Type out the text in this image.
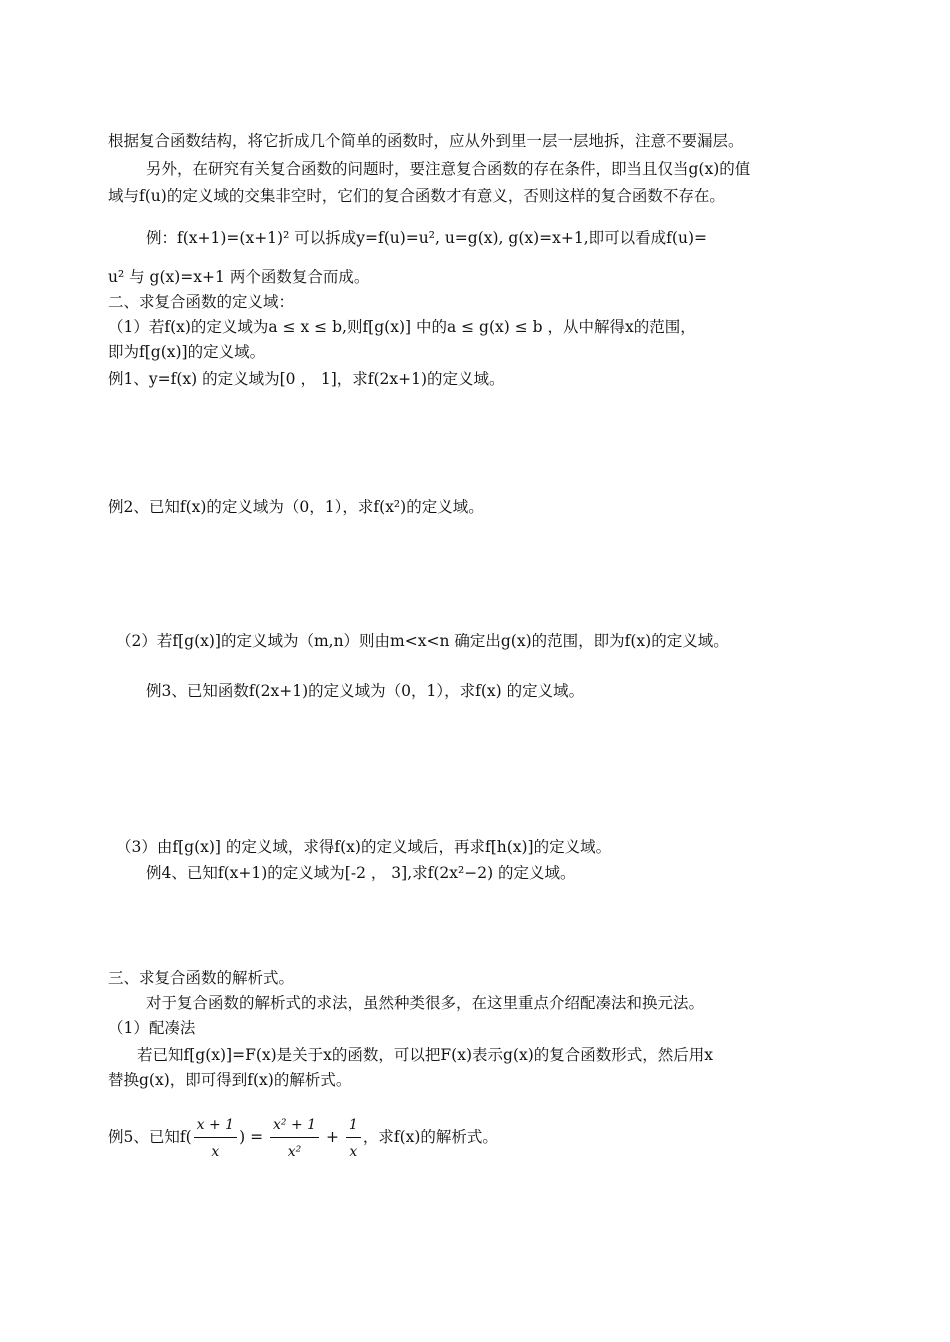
根据复合函数结构，将它折成几个简单的函数时，应从外到里一层一层地拆，注意不要漏层。
另外，在研究有关复合函数的问题时，要注意复合函数的存在条件，即当且仅当g(x)的值
域与f(u)的定义域的交集非空时，它们的复合函数才有意义，否则这样的复合函数不存在。
例：f(x+1)=(x+1)² 可以拆成y=f(u)=u², u=g(x), g(x)=x+1,即可以看成f(u)=
u² 与 g(x)=x+1 两个函数复合而成。
二、求复合函数的定义域：
（1）若f(x)的定义域为a ≤ x ≤ b,则f[g(x)] 中的a ≤ g(x) ≤ b ，从中解得x的范围，
即为f[g(x)]的定义域。
例1、y=f(x) 的定义域为[0 ， 1]，求f(2x+1)的定义域。
例2、已知f(x)的定义域为（0，1），求f(x²)的定义域。
（2）若f[g(x)]的定义域为（m,n）则由m<x<n 确定出g(x)的范围，即为f(x)的定义域。
例3、已知函数f(2x+1)的定义域为（0，1），求f(x) 的定义域。
（3）由f[g(x)] 的定义域，求得f(x)的定义域后，再求f[h(x)]的定义域。
例4、已知f(x+1)的定义域为[-2 ， 3],求f(2x²−2) 的定义域。
三、求复合函数的解析式。
对于复合函数的解析式的求法，虽然种类很多，在这里重点介绍配凑法和换元法。
（1）配凑法
若已知f[g(x)]=F(x)是关于x的函数，可以把F(x)表示g(x)的复合函数形式，然后用x
替换g(x)，即可得到f(x)的解析式。
例5、已知$f( \frac{x + 1}{x}$ ) = $\frac{\text{x² + 1}}{\text{x²}} + \frac{1}{x}$ ，求f(x)的解析式。
